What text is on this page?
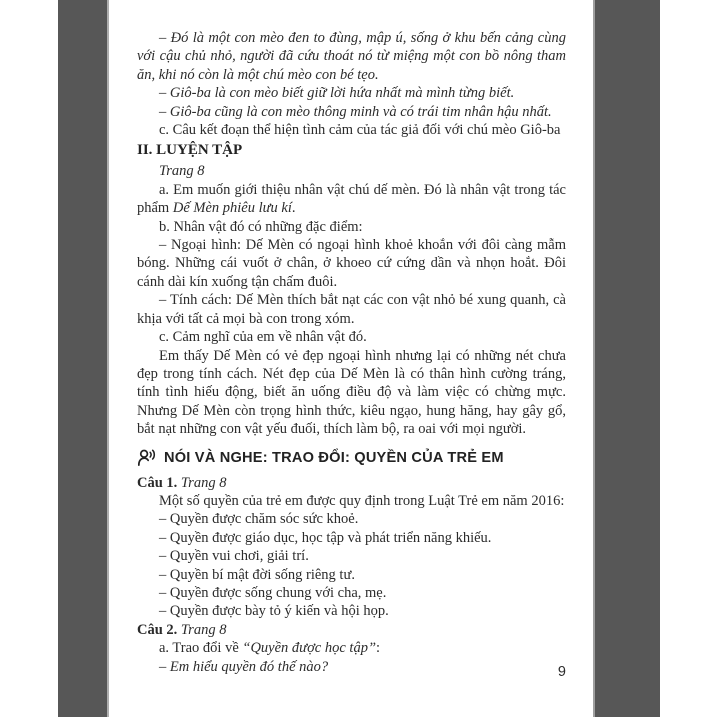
– Đó là một con mèo đen to đùng, mập ú, sống ở khu bến cảng cùng với cậu chủ nhỏ, người đã cứu thoát nó từ miệng một con bồ nông tham ăn, khi nó còn là một chú mèo con bé tẹo.

– Giô-ba là con mèo biết giữ lời hứa nhất mà mình từng biết.

– Giô-ba cũng là con mèo thông minh và có trái tim nhân hậu nhất.

c. Câu kết đoạn thể hiện tình cảm của tác giả đối với chú mèo Giô-ba

II. LUYỆN TẬP

Trang 8

a. Em muốn giới thiệu nhân vật chú dế mèn. Đó là nhân vật trong tác phẩm Dế Mèn phiêu lưu kí.

b. Nhân vật đó có những đặc điểm:

– Ngoại hình: Dế Mèn có ngoại hình khoẻ khoắn với đôi càng mẫm bóng. Những cái vuốt ở chân, ở khoeo cứ cứng dần và nhọn hoắt. Đôi cánh dài kín xuống tận chấm đuôi.

– Tính cách: Dế Mèn thích bắt nạt các con vật nhỏ bé xung quanh, cà khịa với tất cả mọi bà con trong xóm.

c. Cảm nghĩ của em về nhân vật đó.

Em thấy Dế Mèn có vẻ đẹp ngoại hình nhưng lại có những nét chưa đẹp trong tính cách. Nét đẹp của Dế Mèn là có thân hình cường tráng, tính tình hiếu động, biết ăn uống điều độ và làm việc có chừng mực. Nhưng Dế Mèn còn trọng hình thức, kiêu ngạo, hung hăng, hay gây gổ, bắt nạt những con vật yếu đuối, thích làm bộ, ra oai với mọi người.

NÓI VÀ NGHE: TRAO ĐỔI: QUYỀN CỦA TRẺ EM

Câu 1. Trang 8

Một số quyền của trẻ em được quy định trong Luật Trẻ em năm 2016:

– Quyền được chăm sóc sức khoẻ.

– Quyền được giáo dục, học tập và phát triển năng khiếu.

– Quyền vui chơi, giải trí.

– Quyền bí mật đời sống riêng tư.

– Quyền được sống chung với cha, mẹ.

– Quyền được bày tỏ ý kiến và hội họp.

Câu 2. Trang 8

a. Trao đổi về “Quyền được học tập”:

– Em hiểu quyền đó thế nào?	9
